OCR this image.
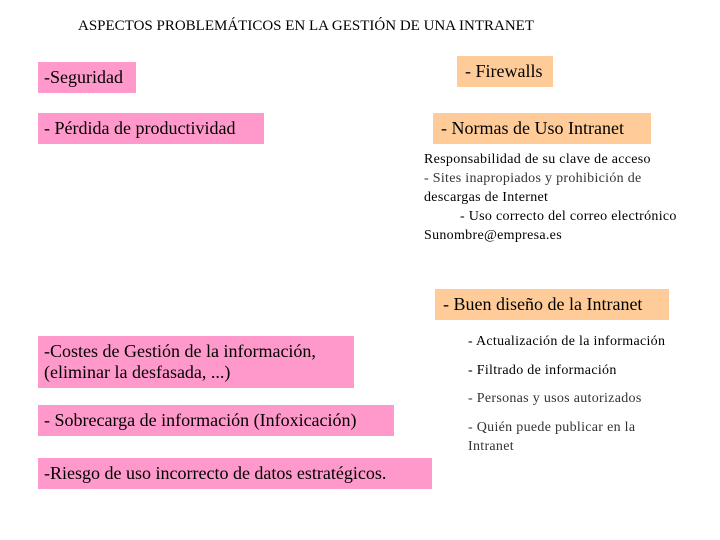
ASPECTOS PROBLEMÁTICOS EN LA GESTIÓN DE UNA INTRANET
-Seguridad
- Pérdida de productividad
-Costes de Gestión de la información,
(eliminar la desfasada, ...)
- Sobrecarga de información (Infoxicación)
-Riesgo de uso incorrecto de datos estratégicos.
- Firewalls
- Normas de Uso Intranet
Responsabilidad de su clave de acceso
- Sites inapropiados y prohibición de
descargas de Internet
- Uso correcto del correo electrónico
Sunombre@empresa.es
- Buen diseño de la Intranet
- Actualización de la información
- Filtrado de información
- Personas y usos autorizados
- Quién puede publicar en la
Intranet
